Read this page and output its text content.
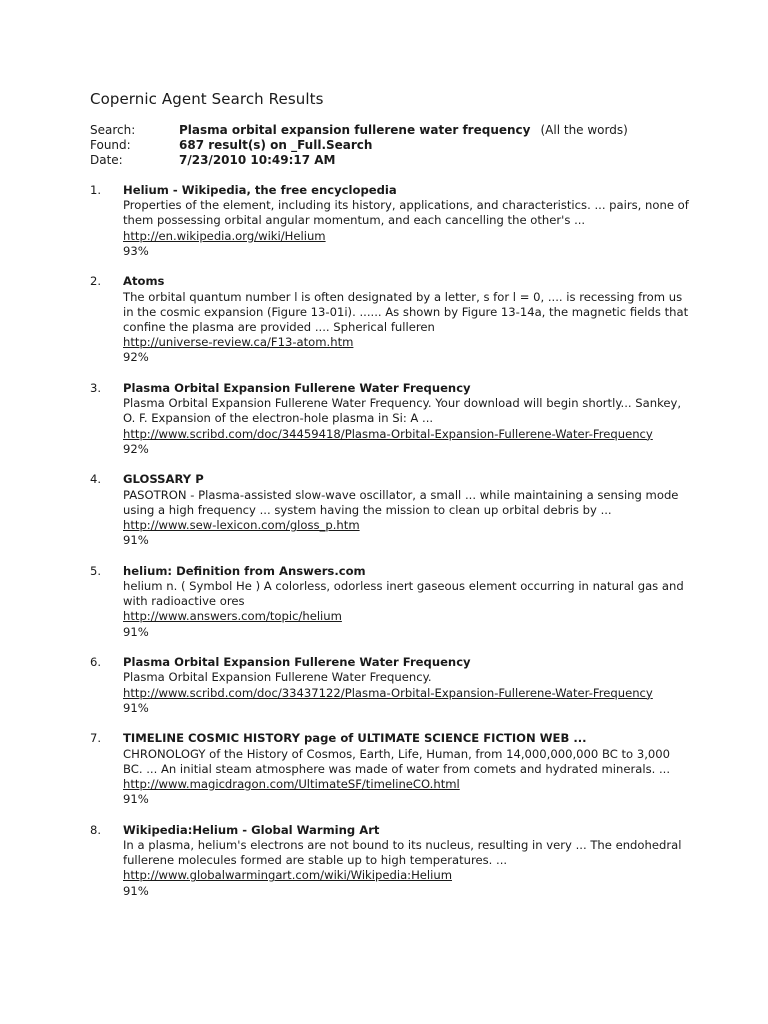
Copernic Agent Search Results
Search:	Plasma orbital expansion fullerene water frequency (All the words)
Found:	687 result(s) on _Full.Search
Date:	7/23/2010 10:49:17 AM
1.	Helium - Wikipedia, the free encyclopedia
Properties of the element, including its history, applications, and characteristics. ... pairs, none of them possessing orbital angular momentum, and each cancelling the other's ...
http://en.wikipedia.org/wiki/Helium
93%
2.	Atoms
The orbital quantum number l is often designated by a letter, s for l = 0, .... is recessing from us in the cosmic expansion (Figure 13-01i). ...... As shown by Figure 13-14a, the magnetic fields that confine the plasma are provided .... Spherical fulleren
http://universe-review.ca/F13-atom.htm
92%
3.	Plasma Orbital Expansion Fullerene Water Frequency
Plasma Orbital Expansion Fullerene Water Frequency. Your download will begin shortly... Sankey, O. F. Expansion of the electron-hole plasma in Si: A ...
http://www.scribd.com/doc/34459418/Plasma-Orbital-Expansion-Fullerene-Water-Frequency
92%
4.	GLOSSARY P
PASOTRON - Plasma-assisted slow-wave oscillator, a small ... while maintaining a sensing mode using a high frequency ... system having the mission to clean up orbital debris by ...
http://www.sew-lexicon.com/gloss_p.htm
91%
5.	helium: Definition from Answers.com
helium n. ( Symbol He ) A colorless, odorless inert gaseous element occurring in natural gas and with radioactive ores
http://www.answers.com/topic/helium
91%
6.	Plasma Orbital Expansion Fullerene Water Frequency
Plasma Orbital Expansion Fullerene Water Frequency.
http://www.scribd.com/doc/33437122/Plasma-Orbital-Expansion-Fullerene-Water-Frequency
91%
7.	TIMELINE COSMIC HISTORY page of ULTIMATE SCIENCE FICTION WEB ...
CHRONOLOGY of the History of Cosmos, Earth, Life, Human, from 14,000,000,000 BC to 3,000 BC. ... An initial steam atmosphere was made of water from comets and hydrated minerals. ...
http://www.magicdragon.com/UltimateSF/timelineCO.html
91%
8.	Wikipedia:Helium - Global Warming Art
In a plasma, helium's electrons are not bound to its nucleus, resulting in very ... The endohedral fullerene molecules formed are stable up to high temperatures. ...
http://www.globalwarmingart.com/wiki/Wikipedia:Helium
91%
